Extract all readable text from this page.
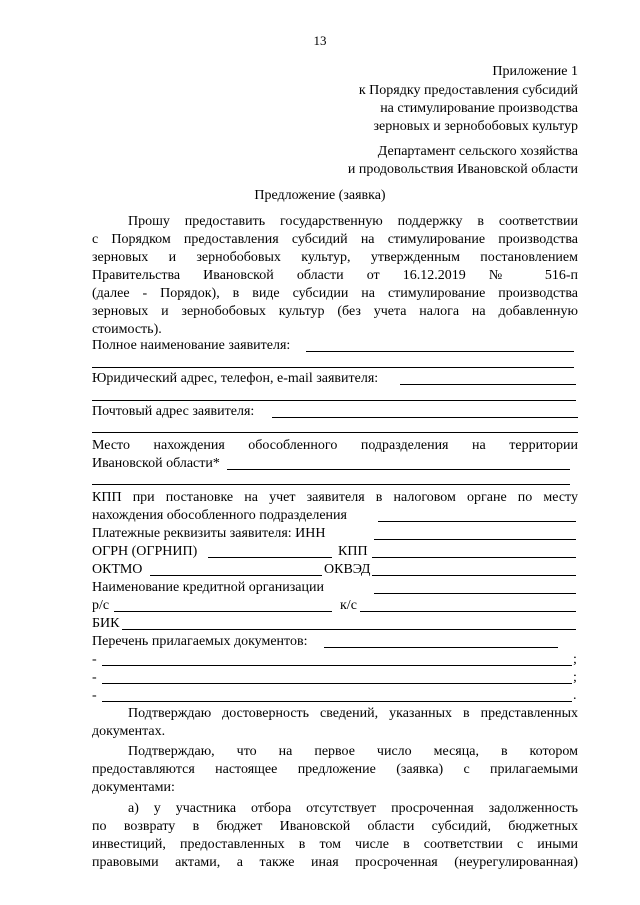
13
Приложение 1
к Порядку предоставления субсидий
на стимулирование производства
зерновых и зернобобовых культур
Департамент сельского хозяйства
и продовольствия Ивановской области
Предложение (заявка)
Прошу предоставить государственную поддержку в соответствии
с Порядком предоставления субсидий на стимулирование производства
зерновых и зернобобовых культур, утвержденным постановлением
Правительства Ивановской области от 16.12.2019 № 516-п
(далее - Порядок), в виде субсидии на стимулирование производства
зерновых и зернобобовых культур (без учета налога на добавленную
стоимость).
Полное наименование заявителя:
Юридический адрес, телефон, e-mail заявителя:
Почтовый адрес заявителя:
Место нахождения обособленного подразделения на территории
Ивановской области*
КПП при постановке на учет заявителя в налоговом органе по месту
нахождения обособленного подразделения
Платежные реквизиты заявителя: ИНН
ОГРН (ОГРНИП)	КПП
ОКТМО	ОКВЭД
Наименование кредитной организации
р/с	к/с
БИК
Перечень прилагаемых документов:
-	;
-	;
-	.
Подтверждаю достоверность сведений, указанных в представленных
документах.
Подтверждаю, что на первое число месяца, в котором
предоставляются настоящее предложение (заявка) с прилагаемыми
документами:
а) у участника отбора отсутствует просроченная задолженность
по возврату в бюджет Ивановской области субсидий, бюджетных
инвестиций, предоставленных в том числе в соответствии с иными
правовыми актами, а также иная просроченная (неурегулированная)
